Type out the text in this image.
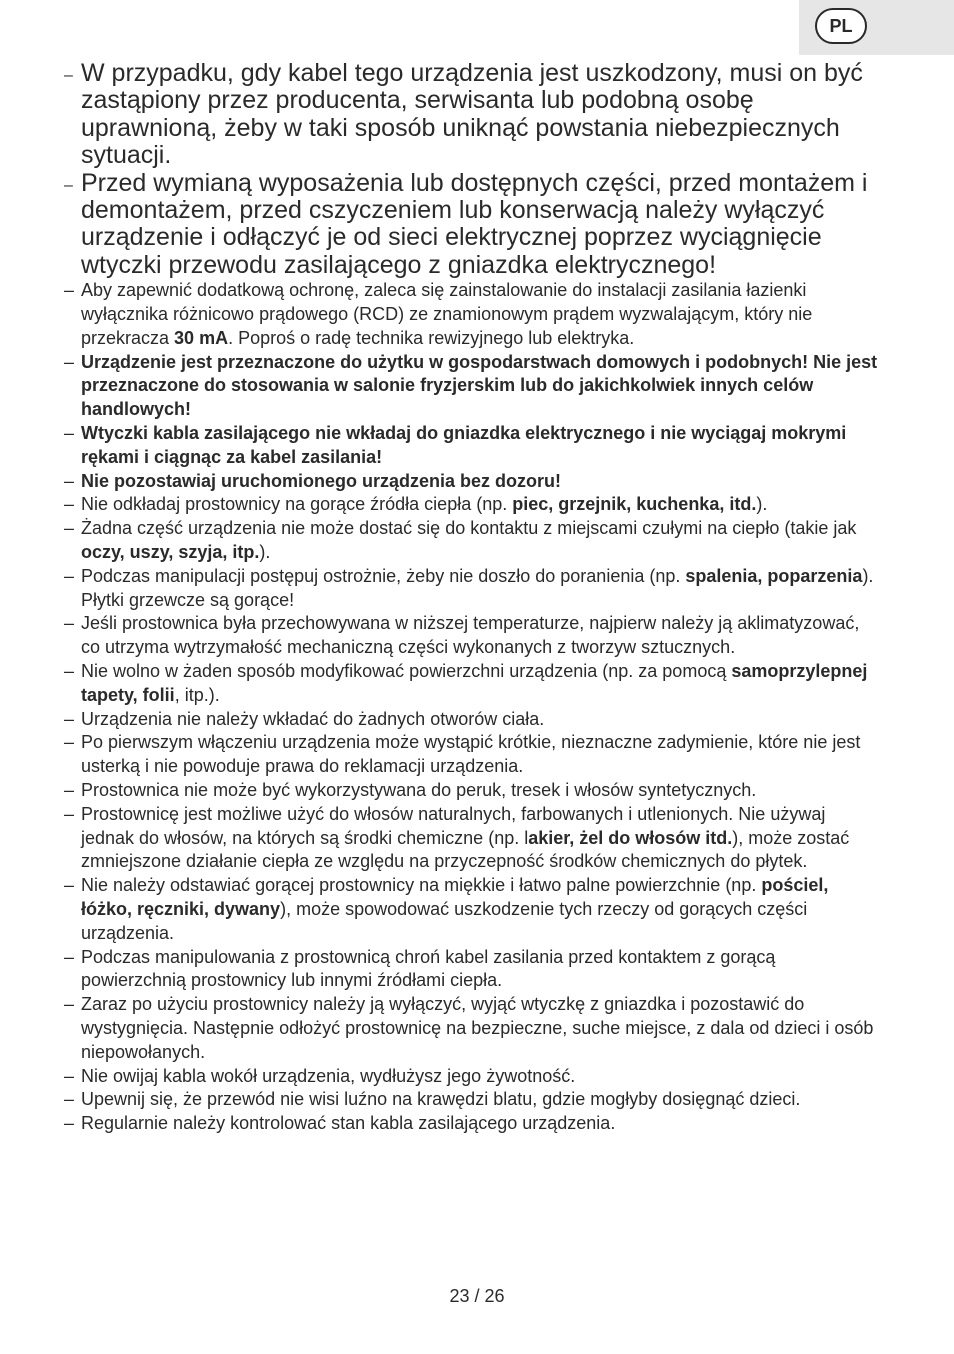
PL
– W przypadku, gdy kabel tego urządzenia jest uszkodzony, musi on być zastąpiony przez producenta, serwisanta lub podobną osobę uprawnioną, żeby w taki sposób uniknąć powstania niebezpiecznych sytuacji.
– Przed wymianą wyposażenia lub dostępnych części, przed montażem i demontażem, przed cszyczeniem lub konserwacją należy wyłączyć urządzenie i odłączyć je od sieci elektrycznej poprzez wyciągnięcie wtyczki przewodu zasilającego z gniazdka elektrycznego!
– Aby zapewnić dodatkową ochronę, zaleca się zainstalowanie do instalacji zasilania łazienki wyłącznika różnicowo prądowego (RCD) ze znamionowym prądem wyzwalającym, który nie przekracza 30 mA. Poproś o radę technika rewizyjnego lub elektryka.
– Urządzenie jest przeznaczone do użytku w gospodarstwach domowych i podobnych! Nie jest przeznaczone do stosowania w salonie fryzjerskim lub do jakichkolwiek innych celów handlowych!
– Wtyczki kabla zasilającego nie wkładaj do gniazdka elektrycznego i nie wyciągaj mokrymi rękami i ciągnąc za kabel zasilania!
– Nie pozostawiaj uruchomionego urządzenia bez dozoru!
– Nie odkładaj prostownicy na gorące źródła ciepła (np. piec, grzejnik, kuchenka, itd.).
– Żadna część urządzenia nie może dostać się do kontaktu z miejscami czułymi na ciepło (takie jak oczy, uszy, szyja, itp.).
– Podczas manipulacji postępuj ostrożnie, żeby nie doszło do poranienia (np. spalenia, poparzenia). Płytki grzewcze są gorące!
– Jeśli prostownica była przechowywana w niższej temperaturze, najpierw należy ją aklimatyzować, co utrzyma wytrzymałość mechaniczną części wykonanych z tworzyw sztucznych.
– Nie wolno w żaden sposób modyfikować powierzchni urządzenia (np. za pomocą samoprzylepnej tapety, folii, itp.).
– Urządzenia nie należy wkładać do żadnych otworów ciała.
– Po pierwszym włączeniu urządzenia może wystąpić krótkie, nieznaczne zadymienie, które nie jest usterką i nie powoduje prawa do reklamacji urządzenia.
– Prostownica nie może być wykorzystywana do peruk, tresek i włosów syntetycznych.
– Prostownicę jest możliwe użyć do włosów naturalnych, farbowanych i utlenionych. Nie używaj jednak do włosów, na których są środki chemiczne (np. lakier, żel do włosów itd.), może zostać zmniejszone działanie ciepła ze względu na przyczepność środków chemicznych do płytek.
– Nie należy odstawiać gorącej prostownicy na miękkie i łatwo palne powierzchnie (np. pościel, łóżko, ręczniki, dywany), może spowodować uszkodzenie tych rzeczy od gorących części urządzenia.
– Podczas manipulowania z prostownicą chroń kabel zasilania przed kontaktem z gorącą powierzchnią prostownicy lub innymi źródłami ciepła.
– Zaraz po użyciu prostownicy należy ją wyłączyć, wyjąć wtyczkę z gniazdka i pozostawić do wystygnięcia. Następnie odłożyć prostownicę na bezpieczne, suche miejsce, z dala od dzieci i osób niepowołanych.
– Nie owijaj kabla wokół urządzenia, wydłużysz jego żywotność.
– Upewnij się, że przewód nie wisi luźno na krawędzi blatu, gdzie mogłyby dosięgnąć dzieci.
– Regularnie należy kontrolować stan kabla zasilającego urządzenia.
23 / 26
